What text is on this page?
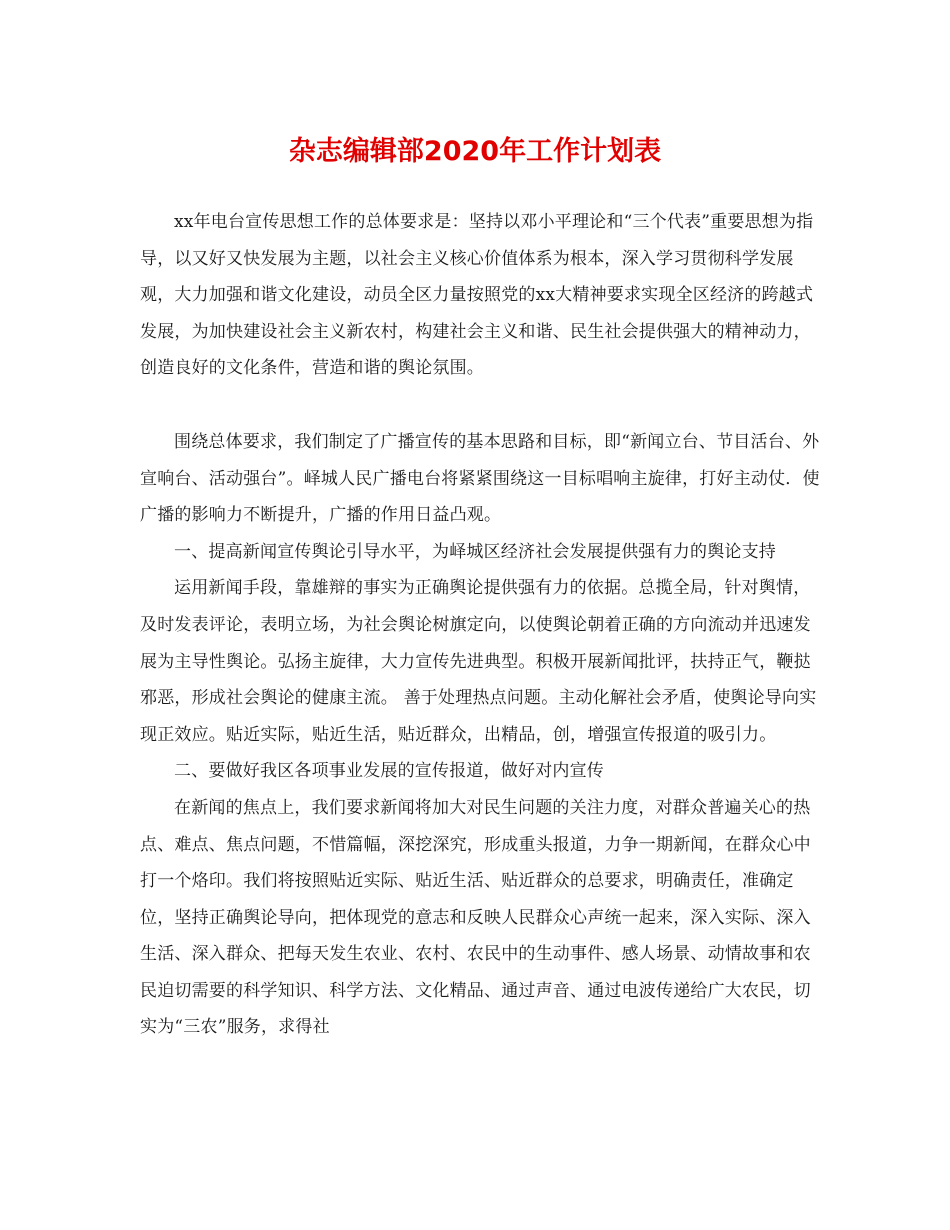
杂志编辑部2020年工作计划表

xx年电台宣传思想工作的总体要求是：坚持以邓小平理论和“三个代表”重要思想为指导，以又好又快发展为主题，以社会主义核心价值体系为根本，深入学习贯彻科学发展观，大力加强和谐文化建设，动员全区力量按照党的xx大精神要求实现全区经济的跨越式发展，为加快建设社会主义新农村，构建社会主义和谐、民生社会提供强大的精神动力，创造良好的文化条件，营造和谐的舆论氛围。

围绕总体要求，我们制定了广播宣传的基本思路和目标，即“新闻立台、节目活台、外宣响台、活动强台”。峄城人民广播电台将紧紧围绕这一目标唱响主旋律，打好主动仗．使广播的影响力不断提升，广播的作用日益凸观。

一、提高新闻宣传舆论引导水平，为峄城区经济社会发展提供强有力的舆论支持

运用新闻手段，靠雄辩的事实为正确舆论提供强有力的依据。总揽全局，针对舆情，及时发表评论，表明立场，为社会舆论树旗定向，以使舆论朝着正确的方向流动并迅速发展为主导性舆论。弘扬主旋律，大力宣传先进典型。积极开展新闻批评，扶持正气，鞭挞邪恶，形成社会舆论的健康主流。 善于处理热点问题。主动化解社会矛盾，使舆论导向实现正效应。贴近实际，贴近生活，贴近群众，出精品，创，增强宣传报道的吸引力。

二、要做好我区各项事业发展的宣传报道，做好对内宣传

在新闻的焦点上，我们要求新闻将加大对民生问题的关注力度，对群众普遍关心的热点、难点、焦点问题，不惜篇幅，深挖深究，形成重头报道，力争一期新闻，在群众心中打一个烙印。我们将按照贴近实际、贴近生活、贴近群众的总要求，明确责任，准确定位，坚持正确舆论导向，把体现党的意志和反映人民群众心声统一起来，深入实际、深入生活、深入群众、把每天发生农业、农村、农民中的生动事件、感人场景、动情故事和农民迫切需要的科学知识、科学方法、文化精品、通过声音、通过电波传递给广大农民，切实为“三农”服务，求得社
